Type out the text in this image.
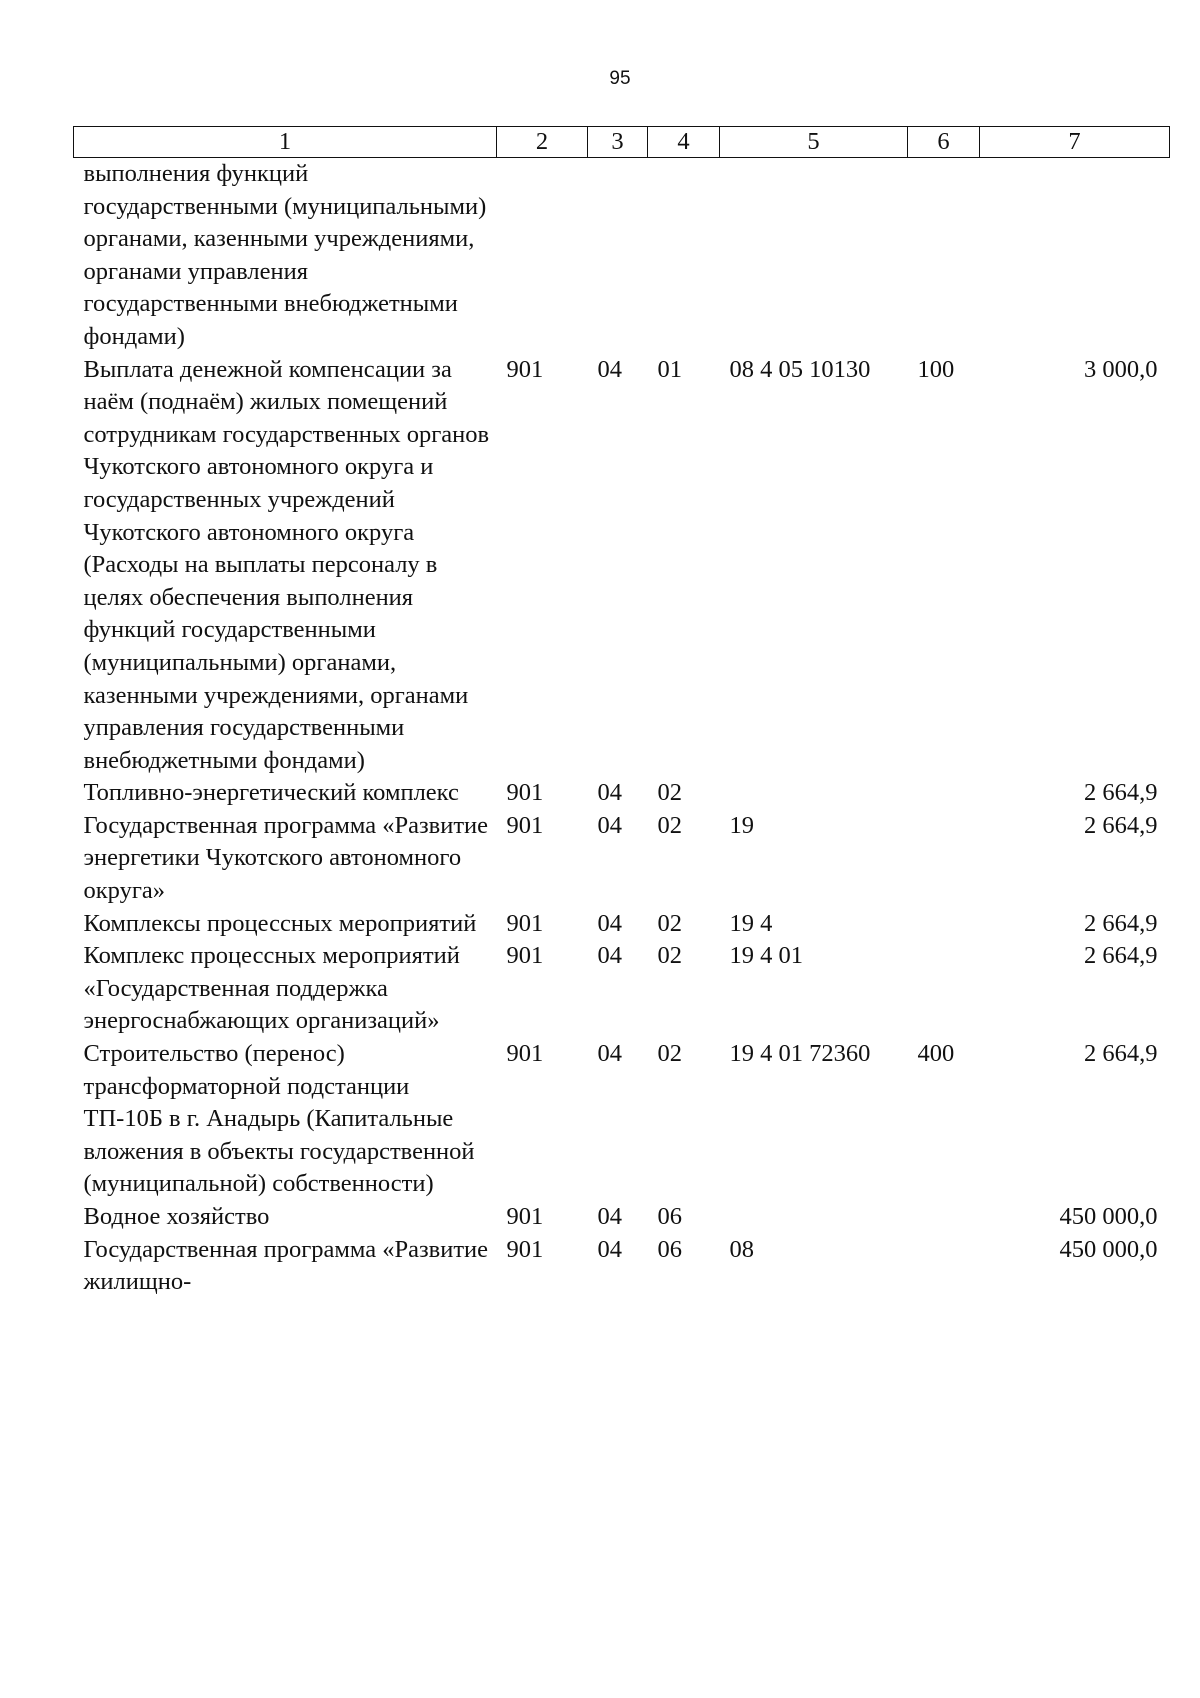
95
1	2	3	4	5	6	7
выполнения функций государственными (муниципальными) органами, казенными учреждениями, органами управления государственными внебюджетными фондами)						
Выплата денежной компенсации за наём (поднаём) жилых помещений сотрудникам государственных органов Чукотского автономного округа и государственных учреждений Чукотского автономного округа (Расходы на выплаты персоналу в целях обеспечения выполнения функций государственными (муниципальными) органами, казенными учреждениями, органами управления государственными внебюджетными фондами)	901	04	01	08 4 05 10130	100	3 000,0
Топливно-энергетический комплекс	901	04	02			2 664,9
Государственная программа «Развитие энергетики Чукотского автономного округа»	901	04	02	19		2 664,9
Комплексы процессных мероприятий	901	04	02	19 4		2 664,9
Комплекс процессных мероприятий «Государственная поддержка энергоснабжающих организаций»	901	04	02	19 4 01		2 664,9
Строительство (перенос) трансформаторной подстанции ТП-10Б в г. Анадырь (Капитальные вложения в объекты государственной (муниципальной) собственности)	901	04	02	19 4 01 72360	400	2 664,9
Водное хозяйство	901	04	06			450 000,0
Государственная программа «Развитие жилищно-	901	04	06	08		450 000,0
